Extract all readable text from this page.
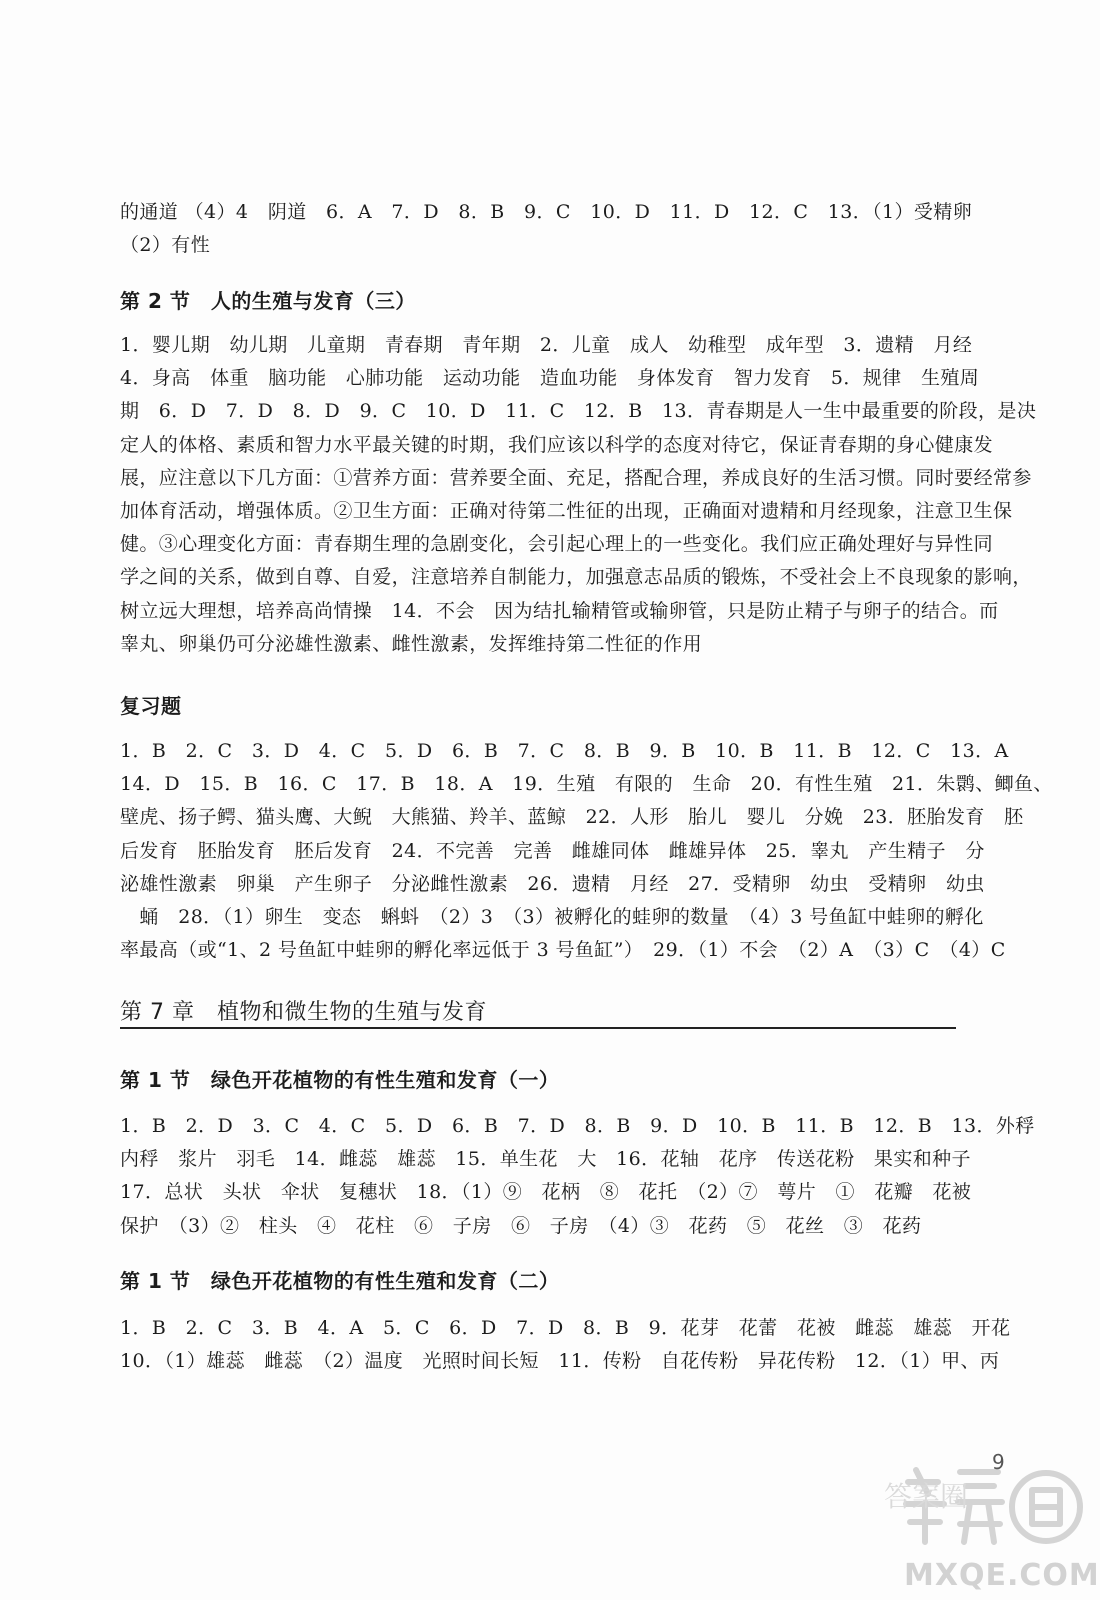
的通道 （4）4　阴道　6．A　7．D　8．B　9．C　10．D　11．D　12．C　13．（1）受精卵
（2）有性
第 2 节　人的生殖与发育（三）
1．婴儿期　幼儿期　儿童期　青春期　青年期　2．儿童　成人　幼稚型　成年型　3．遗精　月经
4．身高　体重　脑功能　心肺功能　运动功能　造血功能　身体发育　智力发育　5．规律　生殖周
期　6．D　7．D　8．D　9．C　10．D　11．C　12．B　13．青春期是人一生中最重要的阶段，是决
定人的体格、素质和智力水平最关键的时期，我们应该以科学的态度对待它，保证青春期的身心健康发
展，应注意以下几方面：①营养方面：营养要全面、充足，搭配合理，养成良好的生活习惯。同时要经常参
加体育活动，增强体质。②卫生方面：正确对待第二性征的出现，正确面对遗精和月经现象，注意卫生保
健。③心理变化方面：青春期生理的急剧变化，会引起心理上的一些变化。我们应正确处理好与异性同
学之间的关系，做到自尊、自爱，注意培养自制能力，加强意志品质的锻炼，不受社会上不良现象的影响，
树立远大理想，培养高尚情操　14．不会　因为结扎输精管或输卵管，只是防止精子与卵子的结合。而
睾丸、卵巢仍可分泌雄性激素、雌性激素，发挥维持第二性征的作用
复习题
1．B　2．C　3．D　4．C　5．D　6．B　7．C　8．B　9．B　10．B　11．B　12．C　13．A
14．D　15．B　16．C　17．B　18．A　19．生殖　有限的　生命　20．有性生殖　21．朱鹮、鲫鱼、
壁虎、扬子鳄、猫头鹰、大鲵　大熊猫、羚羊、蓝鲸　22．人形　胎儿　婴儿　分娩　23．胚胎发育　胚
后发育　胚胎发育　胚后发育　24．不完善　完善　雌雄同体　雌雄异体　25．睾丸　产生精子　分
泌雄性激素　卵巢　产生卵子　分泌雌性激素　26．遗精　月经　27．受精卵　幼虫　受精卵　幼虫
　蛹　28．（1）卵生　变态　蝌蚪　（2）3　（3）被孵化的蛙卵的数量　（4）3 号鱼缸中蛙卵的孵化
率最高（或“1、2 号鱼缸中蛙卵的孵化率远低于 3 号鱼缸”）　29．（1）不会　（2）A　（3）C　（4）C
第 7 章　植物和微生物的生殖与发育
第 1 节　绿色开花植物的有性生殖和发育（一）
1．B　2．D　3．C　4．C　5．D　6．B　7．D　8．B　9．D　10．B　11．B　12．B　13．外稃
内稃　浆片　羽毛　14．雌蕊　雄蕊　15．单生花　大　16．花轴　花序　传送花粉　果实和种子
17．总状　头状　伞状　复穗状　18．（1）⑨　花柄　⑧　花托　（2）⑦　萼片　①　花瓣　花被
保护　（3）②　柱头　④　花柱　⑥　子房　⑥　子房　（4）③　花药　⑤　花丝　③　花药
第 1 节　绿色开花植物的有性生殖和发育（二）
1．B　2．C　3．B　4．A　5．C　6．D　7．D　8．B　9．花芽　花蕾　花被　雌蕊　雄蕊　开花
10．（1）雄蕊　雌蕊　（2）温度　光照时间长短　11．传粉　自花传粉　异花传粉　12．（1）甲、丙
答案圈
MXQE.COM
9
